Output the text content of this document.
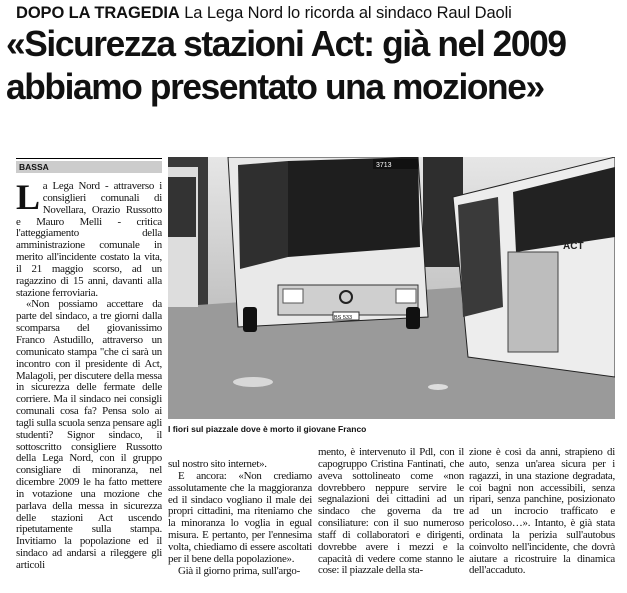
DOPO LA TRAGEDIA La Lega Nord lo ricorda al sindaco Raul Daoli
«Sicurezza stazioni Act: già nel 2009
abbiamo presentato una mozione»
BASSA

La Lega Nord - attraverso i consiglieri comunali di Novellara, Orazio Russotto e Mauro Melli - critica l'atteggiamento della amministrazione comunale in merito all'incidente costato la vita, il 21 maggio scorso, ad un ragazzino di 15 anni, davanti alla stazione ferroviaria.

«Non possiamo accettare da parte del sindaco, a tre giorni dalla scomparsa del giovanissimo Franco Astudillo, attraverso un comunicato stampa "che ci sarà un incontro con il presidente di Act, Malagoli, per discutere della messa in sicurezza delle fermate delle corriere. Ma il sindaco nei consigli comunali cosa fa? Pensa solo ai tagli sulla scuola senza pensare agli studenti? Signor sindaco, il sottoscritto consigliere Russotto della Lega Nord, con il gruppo consigliare di minoranza, nel dicembre 2009 le ha fatto mettere in votazione una mozione che parlava della messa in sicurezza delle stazioni Act uscendo ripetutamente sulla stampa. Invitiamo la popolazione ed il sindaco ad andarsi a rileggere gli articoli

3713
BS 533
ACT
I fiori sul piazzale dove è morto il giovane Franco

sul nostro sito internet».

E ancora: «Non crediamo assolutamente che la maggioranza ed il sindaco vogliano il male dei propri cittadini, ma riteniamo che la minoranza lo voglia in egual misura. E pertanto, per l'ennesima volta, chiediamo di essere ascoltati per il bene della popolazione».

Già il giorno prima, sull'argo-

mento, è intervenuto il Pdl, con il capogruppo Cristina Fantinati, che aveva sottolineato come «non dovrebbero neppure servire le segnalazioni dei cittadini ad un sindaco che governa da tre consiliature: con il suo numeroso staff di collaboratori e dirigenti, dovrebbe avere i mezzi e la capacità di vedere come stanno le cose: il piazzale della sta-

zione è così da anni, strapieno di auto, senza un'area sicura per i ragazzi, in una stazione degradata, coi bagni non accessibili, senza ripari, senza panchine, posizionato ad un incrocio trafficato e pericoloso…». Intanto, è già stata ordinata la perizia sull'autobus coinvolto nell'incidente, che dovrà aiutare a ricostruire la dinamica dell'accaduto.
